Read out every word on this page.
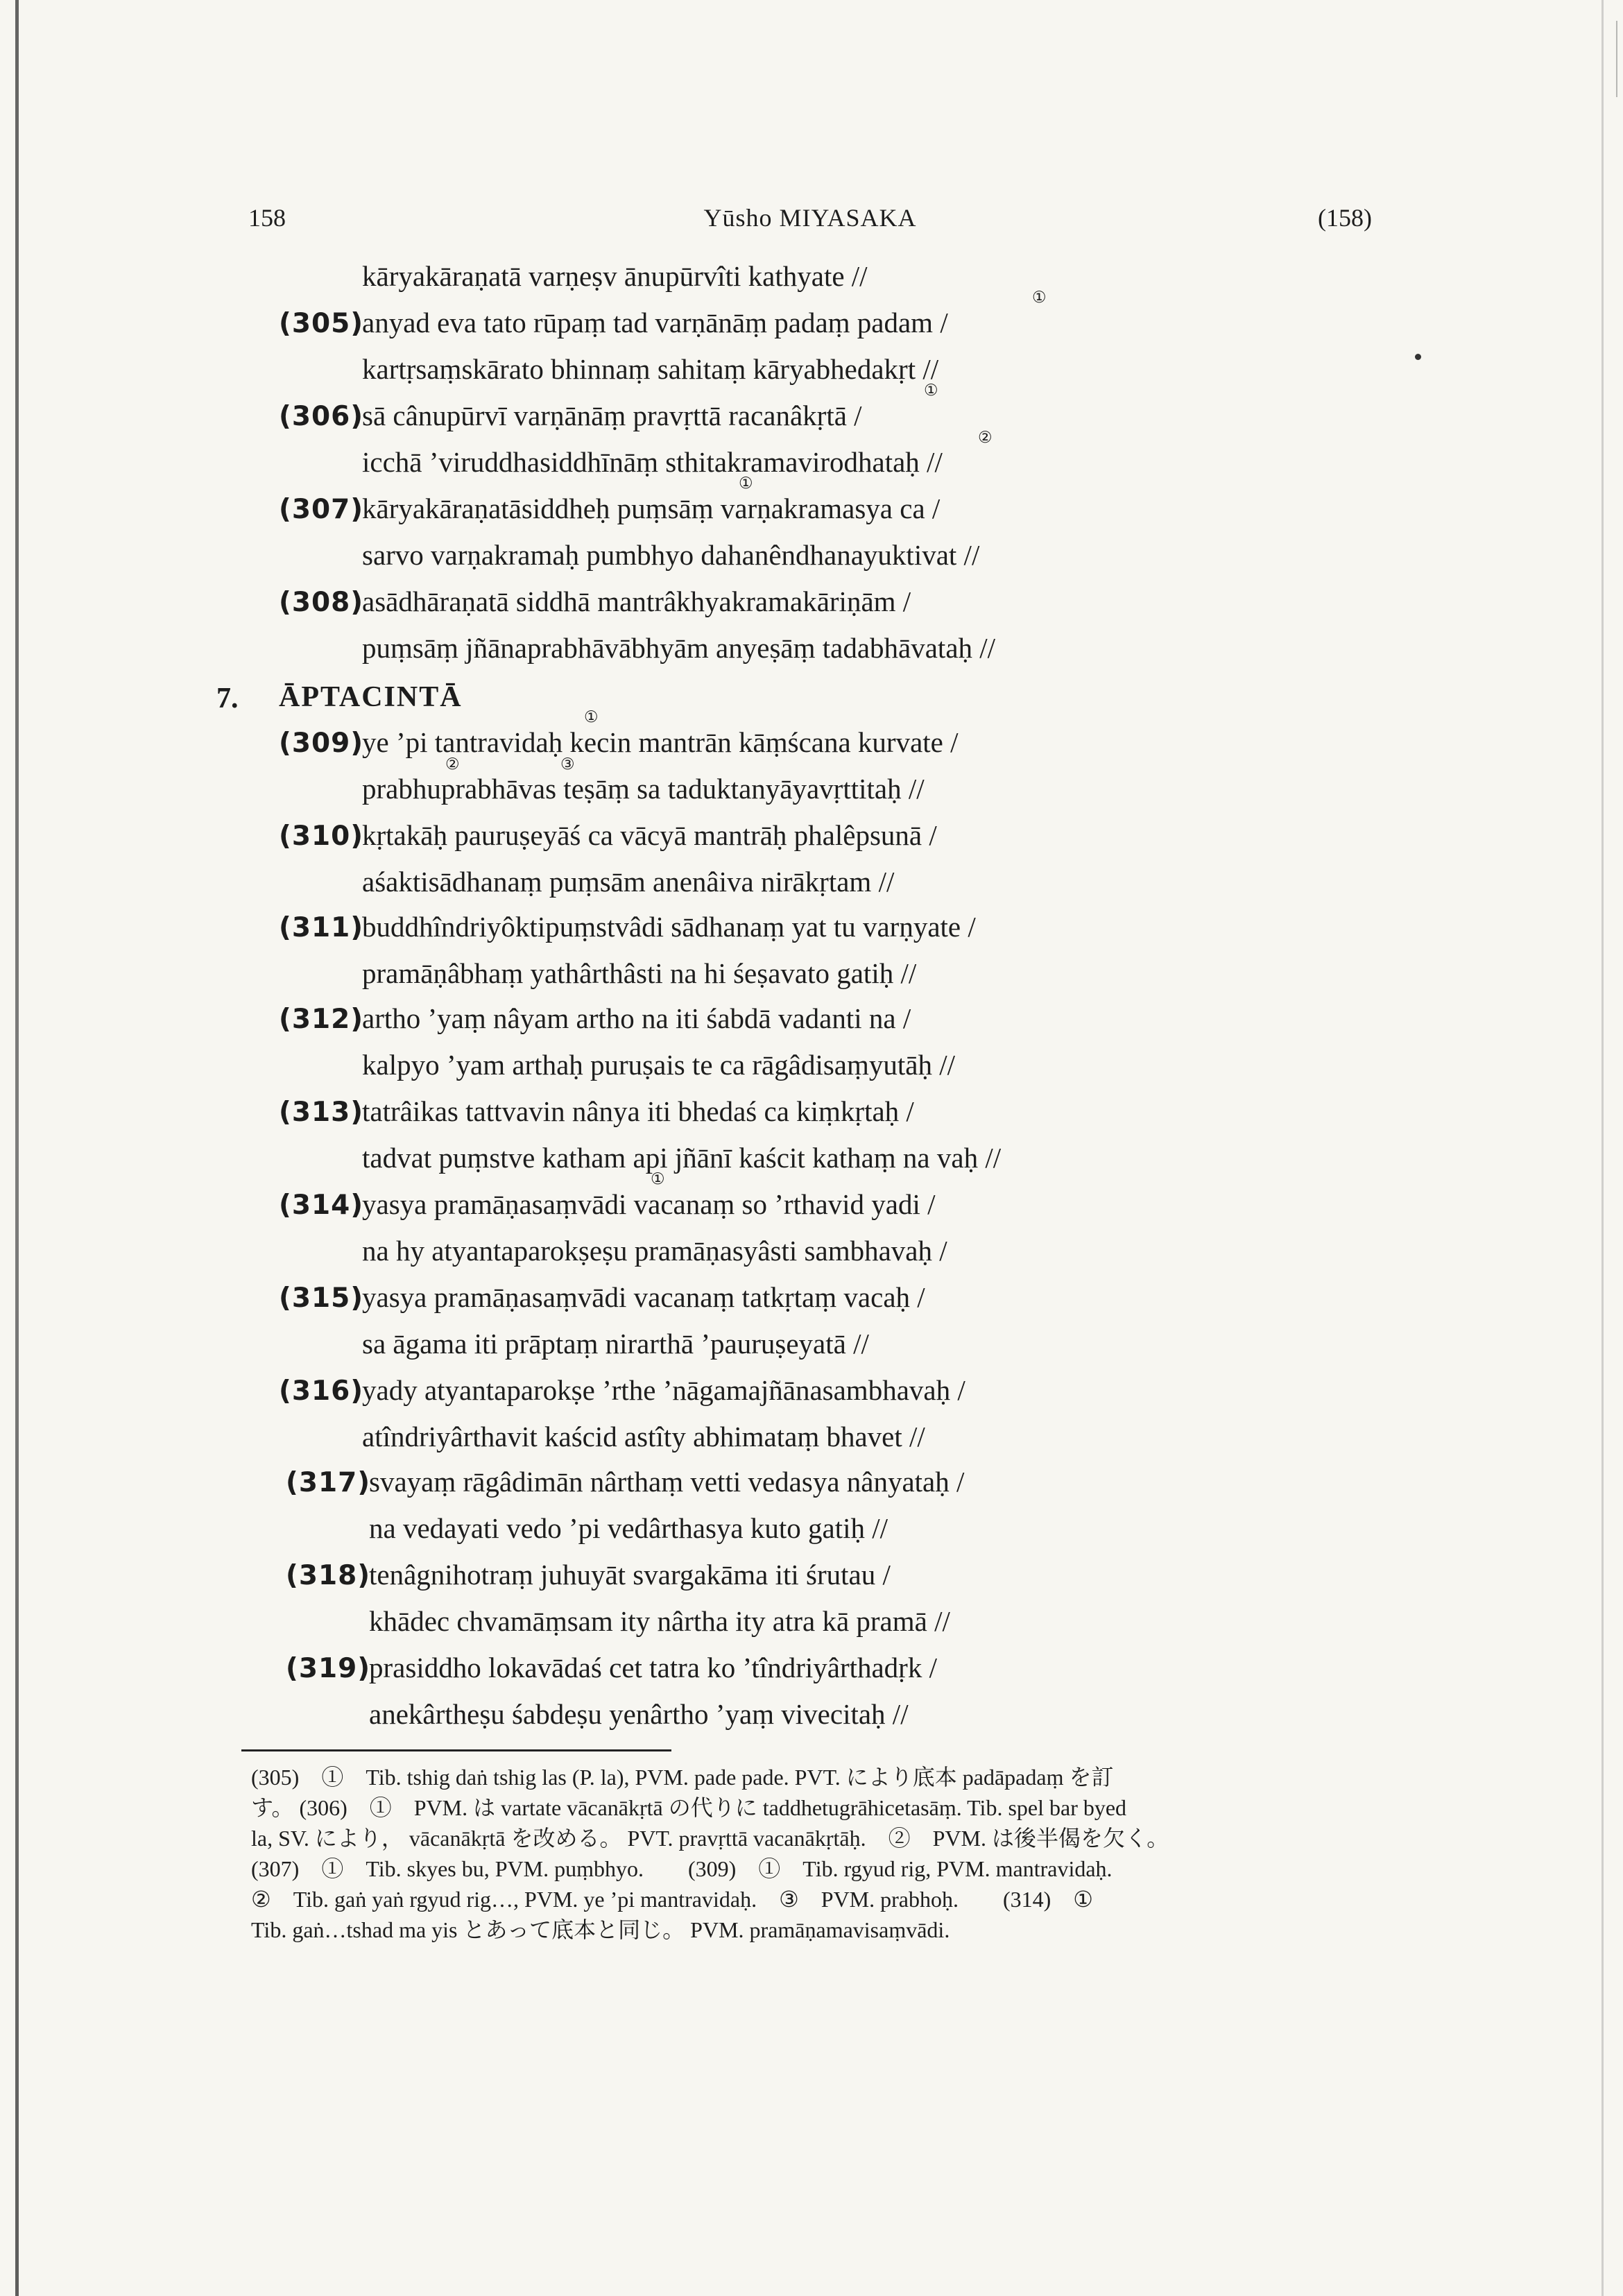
158	Yūsho MIYASAKA	(158)
kāryakāraṇatā varṇeṣv ānupūrvîti kathyate //
(305)
anyad eva tato rūpaṃ tad varṇānāṃ padaṃ padam /
kartṛsaṃskārato bhinnaṃ sahitaṃ kāryabhedakṛt //
(306)
sā cânupūrvī varṇānāṃ pravṛttā racanâkṛtā /
icchā ’viruddhasiddhīnāṃ sthitakramavirodhataḥ //
(307)
kāryakāraṇatāsiddheḥ puṃsāṃ varṇakramasya ca /
sarvo varṇakramaḥ pumbhyo dahanêndhanayuktivat //
(308)
asādhāraṇatā siddhā mantrâkhyakramakāriṇām /
puṃsāṃ jñānaprabhāvābhyām anyeṣāṃ tadabhāvataḥ //
7. ĀPTACINTĀ
(309)
ye ’pi tantravidaḥ kecin mantrān kāṃścana kurvate /
prabhuprabhāvas teṣāṃ sa taduktanyāyavṛttitaḥ //
(310)
kṛtakāḥ pauruṣeyāś ca vācyā mantrāḥ phalêpsunā /
aśaktisādhanaṃ puṃsām anenâiva nirākṛtam //
(311)
buddhîndriyôktipuṃstvâdi sādhanaṃ yat tu varṇyate /
pramāṇâbhaṃ yathârthâsti na hi śeṣavato gatiḥ //
(312)
artho ’yaṃ nâyam artho na iti śabdā vadanti na /
kalpyo ’yam arthaḥ puruṣais te ca rāgâdisaṃyutāḥ //
(313)
tatrâikas tattvavin nânya iti bhedaś ca kiṃkṛtaḥ /
tadvat puṃstve katham api jñānī kaścit kathaṃ na vaḥ //
(314)
yasya pramāṇasaṃvādi vacanaṃ so ’rthavid yadi /
na hy atyantaparokṣeṣu pramāṇasyâsti sambhavaḥ /
(315)
yasya pramāṇasaṃvādi vacanaṃ tatkṛtaṃ vacaḥ /
sa āgama iti prāptaṃ nirarthā ’pauruṣeyatā //
(316)
yady atyantaparokṣe ’rthe ’nāgamajñānasambhavaḥ /
atîndriyârthavit kaścid astîty abhimataṃ bhavet //
(317)
svayaṃ rāgâdimān nârthaṃ vetti vedasya nânyataḥ /
na vedayati vedo ’pi vedârthasya kuto gatiḥ //
(318)
tenâgnihotraṃ juhuyāt svargakāma iti śrutau /
khādec chvamāṃsam ity nârtha ity atra kā pramā //
(319)
prasiddho lokavādaś cet tatra ko ’tîndriyârthadṛk /
anekârtheṣu śabdeṣu yenârtho ’yaṃ vivecitaḥ //
①
①
②
①
①
②	③
①
(305)　①　Tib. tshig daṅ tshig las (P. la), PVM. pade pade. PVT. により底本 padāpadaṃ を訂
す。 (306)　①　PVM. は vartate vācanākṛtā の代りに taddhetugrāhicetasāṃ. Tib. spel bar byed
la, SV. により， vācanākṛtā を改める。 PVT. pravṛttā vacanākṛtāḥ.　②　PVM. は後半偈を欠く。
(307)　①　Tib. skyes bu, PVM. puṃbhyo.　　(309)　①　Tib. rgyud rig, PVM. mantravidaḥ.
②　Tib. gaṅ yaṅ rgyud rig…, PVM. ye ’pi mantravidaḥ.　③　PVM. prabhoḥ.　　(314)　①
Tib. gaṅ…tshad ma yis とあって底本と同じ。 PVM. pramāṇamavisaṃvādi.
